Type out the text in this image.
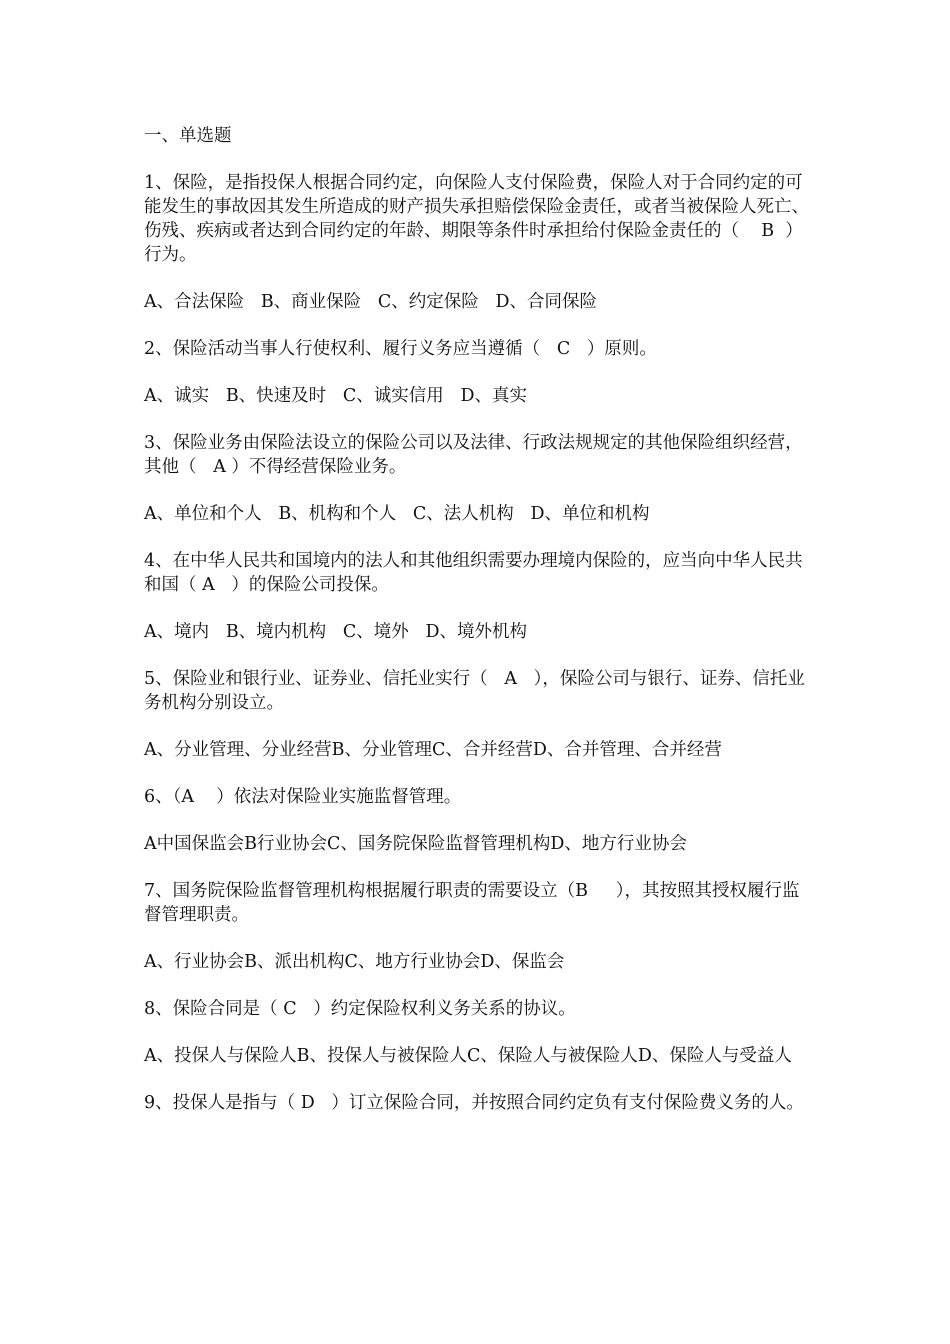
一、单选题
1、保险，是指投保人根据合同约定，向保险人支付保险费，保险人对于合同约定的可能发生的事故因其发生所造成的财产损失承担赔偿保险金责任，或者当被保险人死亡、伤残、疾病或者达到合同约定的年龄、期限等条件时承担给付保险金责任的（    B  ）行为。
A、合法保险   B、商业保险   C、约定保险   D、合同保险
2、保险活动当事人行使权利、履行义务应当遵循（   C   ）原则。
A、诚实   B、快速及时   C、诚实信用   D、真实
3、保险业务由保险法设立的保险公司以及法律、行政法规规定的其他保险组织经营，其他（   A ）不得经营保险业务。
A、单位和个人   B、机构和个人   C、法人机构   D、单位和机构
4、在中华人民共和国境内的法人和其他组织需要办理境内保险的，应当向中华人民共和国（ A   ）的保险公司投保。
A、境内   B、境内机构   C、境外   D、境外机构
5、保险业和银行业、证券业、信托业实行（   A   ），保险公司与银行、证券、信托业务机构分别设立。
A、分业管理、分业经营B、分业管理C、合并经营D、合并管理、合并经营
6、（A    ）依法对保险业实施监督管理。
A中国保监会B行业协会C、国务院保险监督管理机构D、地方行业协会
7、国务院保险监督管理机构根据履行职责的需要设立（B     ），其按照其授权履行监督管理职责。
A、行业协会B、派出机构C、地方行业协会D、保监会
8、保险合同是（ C   ）约定保险权利义务关系的协议。
A、投保人与保险人B、投保人与被保险人C、保险人与被保险人D、保险人与受益人
9、投保人是指与（ D   ）订立保险合同，并按照合同约定负有支付保险费义务的人。
